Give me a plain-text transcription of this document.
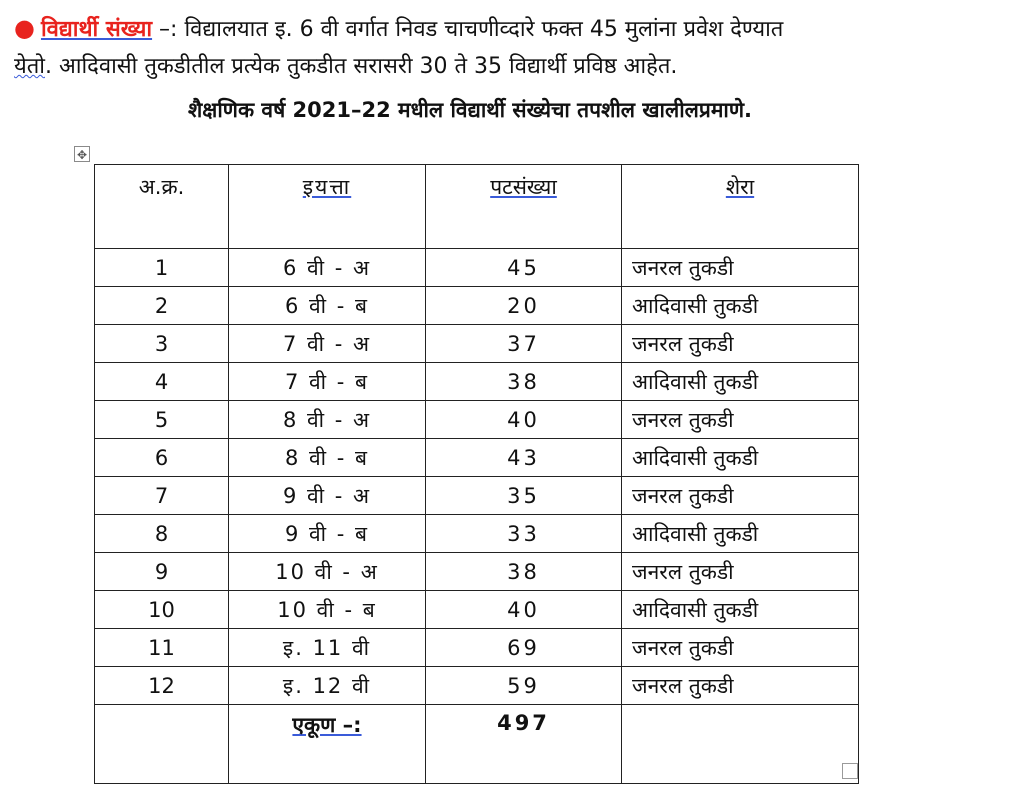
● विद्यार्थी संख्या –: विद्यालयात इ. 6 वी वर्गात निवड चाचणीव्दारे फक्त 45 मुलांना प्रवेश देण्यात
येतो. आदिवासी तुकडीतील प्रत्येक तुकडीत सरासरी 30 ते 35 विद्यार्थी प्रविष्ठ आहेत.
शैक्षणिक वर्ष 2021–22 मधील विद्यार्थी संख्येचा तपशील खालीलप्रमाणे.
✥
अ.क्र.	इयत्ता	पटसंख्या	शेरा
1	6 वी - अ	45	जनरल तुकडी
2	6 वी - ब	20	आदिवासी तुकडी
3	7 वी - अ	37	जनरल तुकडी
4	7 वी - ब	38	आदिवासी तुकडी
5	8 वी - अ	40	जनरल तुकडी
6	8 वी - ब	43	आदिवासी तुकडी
7	9 वी - अ	35	जनरल तुकडी
8	9 वी - ब	33	आदिवासी तुकडी
9	10 वी - अ	38	जनरल तुकडी
10	10 वी - ब	40	आदिवासी तुकडी
11	इ. 11 वी	69	जनरल तुकडी
12	इ. 12 वी	59	जनरल तुकडी
	एकूण –:	497	
